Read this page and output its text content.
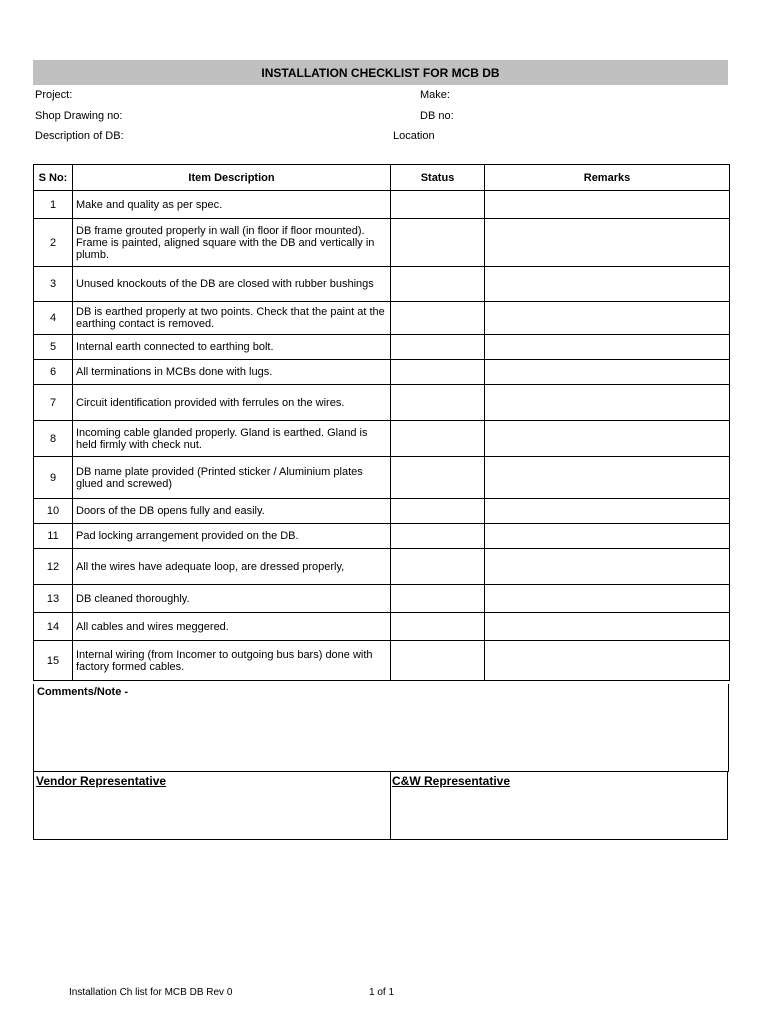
INSTALLATION CHECKLIST FOR MCB DB
Project:	Make:
Shop Drawing no:	DB no:
Description of DB:	Location
S No:	Item Description	Status	Remarks
1	Make and quality as per spec.		
2	DB frame grouted properly in wall (in floor if floor mounted). Frame is painted, aligned square with the DB and vertically in plumb.		
3	Unused knockouts of the DB are closed with rubber bushings		
4	DB is earthed properly at two points. Check that the paint at the earthing contact is removed.		
5	Internal earth connected to earthing bolt.		
6	All terminations in MCBs done with lugs.		
7	Circuit identification provided with ferrules on the wires.		
8	Incoming cable glanded properly. Gland is earthed. Gland is held firmly with check nut.		
9	DB name plate provided (Printed sticker / Aluminium plates glued and screwed)		
10	Doors of the DB opens fully and easily.		
11	Pad locking arrangement provided on the DB.		
12	All the wires have adequate loop, are dressed properly,		
13	DB cleaned thoroughly.		
14	All cables and wires meggered.		
15	Internal wiring (from Incomer to outgoing bus bars) done with factory formed cables.		
Comments/Note -
Vendor Representative	C&W Representative
Installation Ch list for MCB DB Rev 0	1 of 1
